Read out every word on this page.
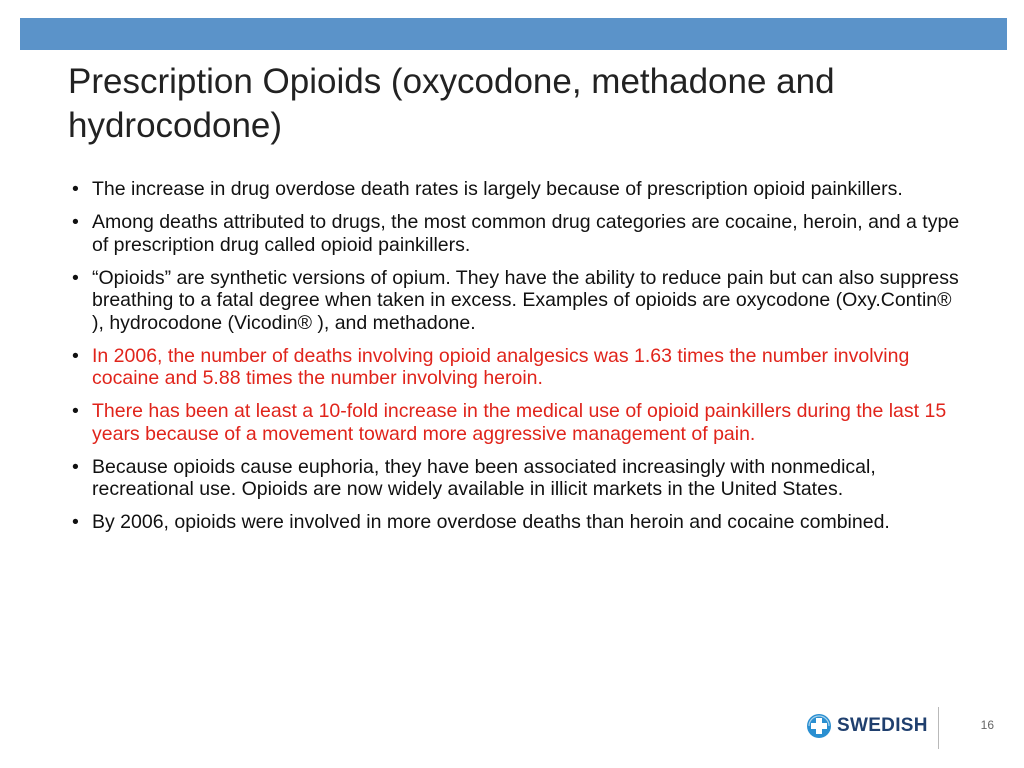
Prescription Opioids (oxycodone, methadone and hydrocodone)
• The increase in drug overdose death rates is largely because of prescription opioid painkillers.
• Among deaths attributed to drugs, the most common drug categories are cocaine, heroin, and a type of prescription drug called opioid painkillers.
• “Opioids” are synthetic versions of opium. They have the ability to reduce pain but can also suppress breathing to a fatal degree when taken in excess. Examples of opioids are oxycodone (Oxy.Contin® ), hydrocodone (Vicodin® ), and methadone.
• In 2006, the number of deaths involving opioid analgesics was 1.63 times the number involving cocaine and 5.88 times the number involving heroin.
• There has been at least a 10-fold increase in the medical use of opioid painkillers during the last 15 years because of a movement toward more aggressive management of pain.
• Because opioids cause euphoria, they have been associated increasingly with nonmedical, recreational use. Opioids are now widely available in illicit markets in the United States.
• By 2006, opioids were involved in more overdose deaths than heroin and cocaine combined.
SWEDISH	16
